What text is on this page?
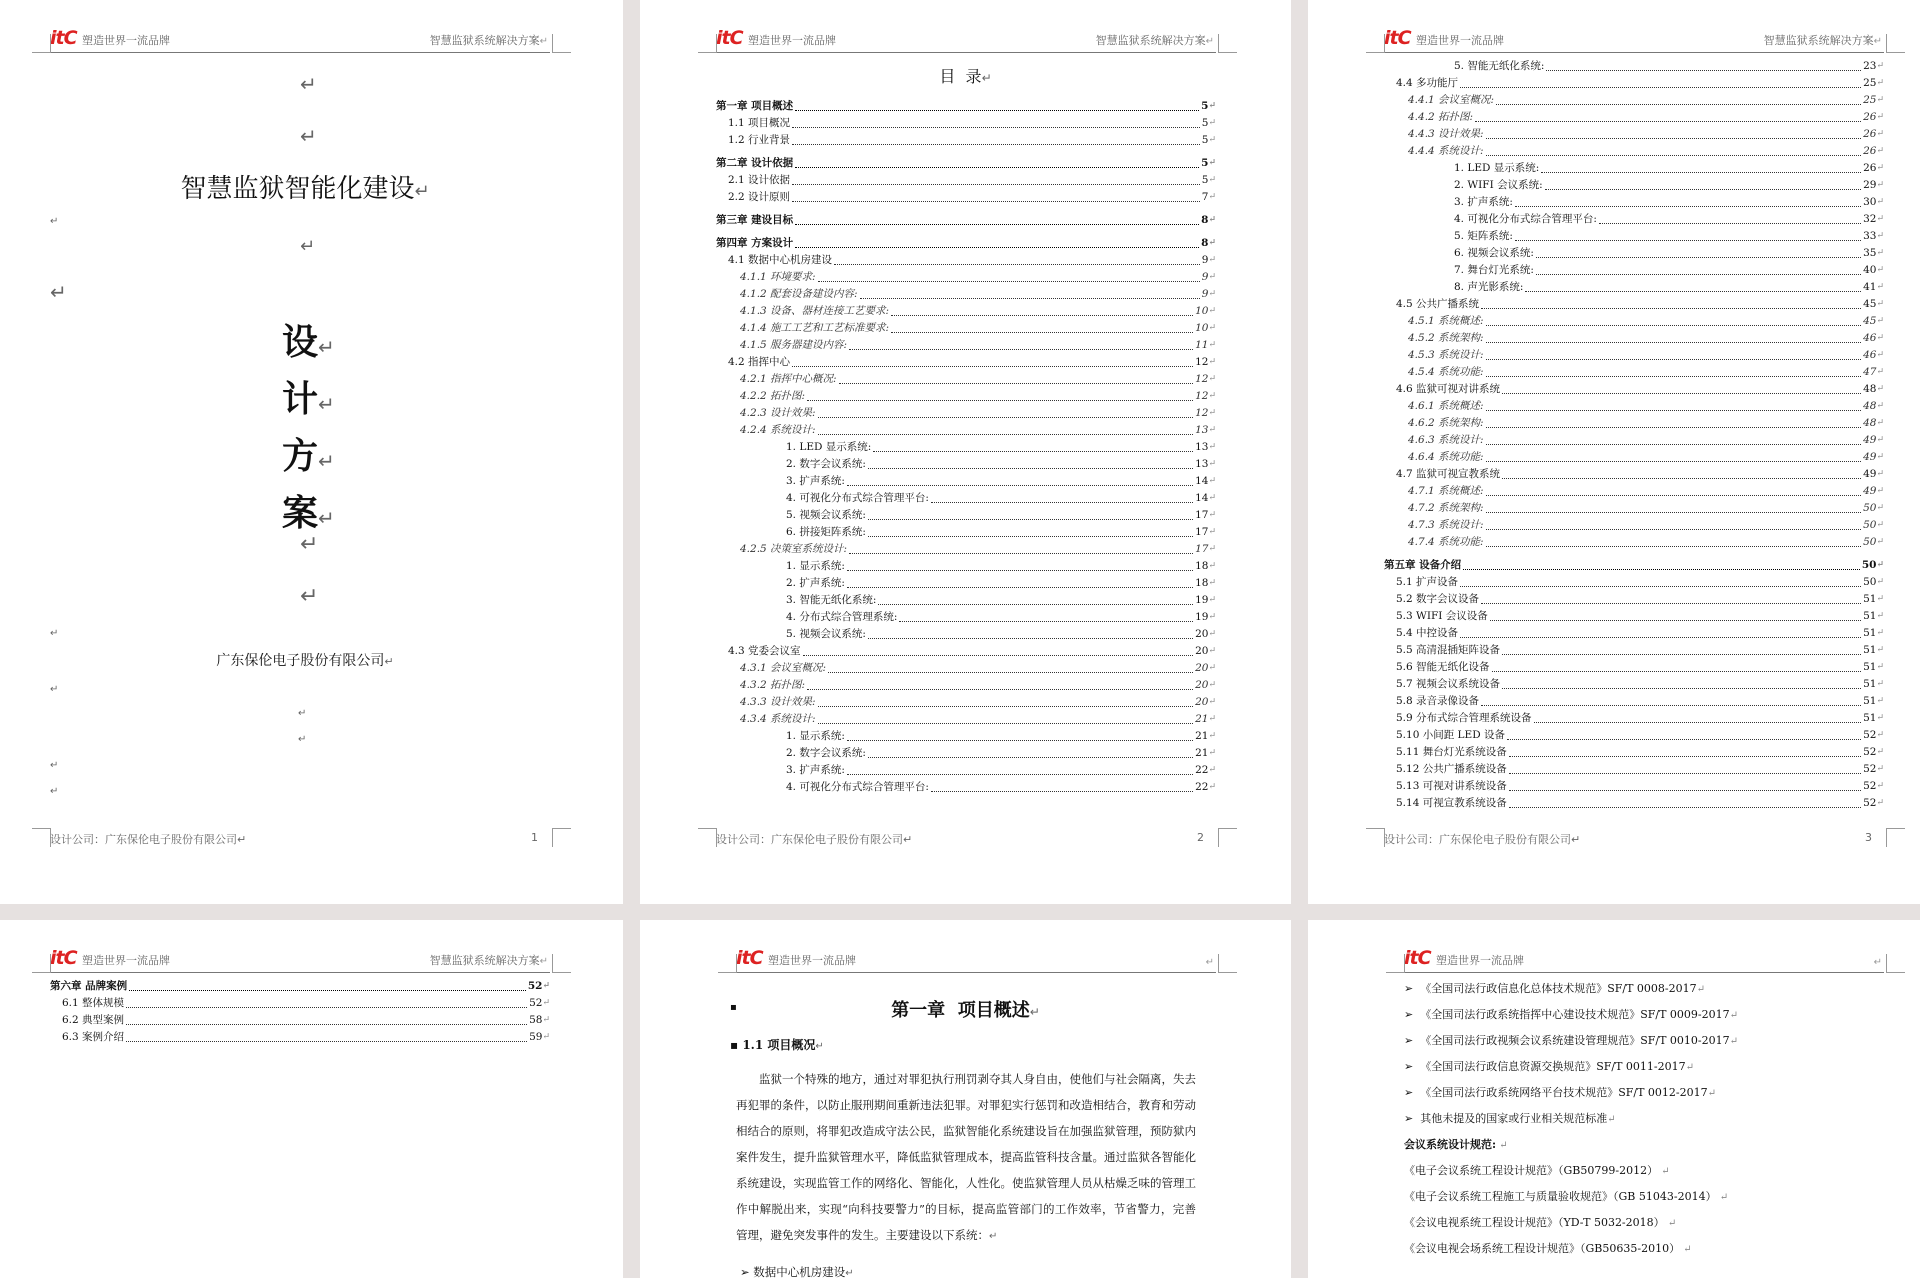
itC 塑造世界一流品牌	智慧监狱系统解决方案↵
↵
↵
智慧监狱智能化建设↵
↵
↵
↵
设↵
计↵
方↵
案↵
↵
↵
↵
广东保伦电子股份有限公司↵
↵
↵
↵
↵
↵
设计公司：广东保伦电子股份有限公司↵	1
itC 塑造世界一流品牌	智慧监狱系统解决方案↵
目  录↵
第一章 项目概述	5 ↵
1.1 项目概况	5 ↵
1.2 行业背景	5 ↵
第二章 设计依据	5 ↵
2.1 设计依据	5 ↵
2.2 设计原则	7 ↵
第三章 建设目标	8 ↵
第四章 方案设计	8 ↵
4.1 数据中心机房建设	9 ↵
4.1.1 环境要求:	9 ↵
4.1.2 配套设备建设内容:	9 ↵
4.1.3 设备、器材连接工艺要求:	10 ↵
4.1.4 施工工艺和工艺标准要求:	10 ↵
4.1.5 服务器建设内容:	11 ↵
4.2 指挥中心	12 ↵
4.2.1 指挥中心概况:	12 ↵
4.2.2 拓扑图:	12 ↵
4.2.3 设计效果:	12 ↵
4.2.4 系统设计:	13 ↵
1. LED 显示系统:	13 ↵
2. 数字会议系统:	13 ↵
3. 扩声系统:	14 ↵
4. 可视化分布式综合管理平台:	14 ↵
5. 视频会议系统:	17 ↵
6. 拼接矩阵系统:	17 ↵
4.2.5 决策室系统设计:	17 ↵
1. 显示系统:	18 ↵
2. 扩声系统:	18 ↵
3. 智能无纸化系统:	19 ↵
4. 分布式综合管理系统:	19 ↵
5. 视频会议系统:	20 ↵
4.3 党委会议室	20 ↵
4.3.1 会议室概况:	20 ↵
4.3.2 拓扑图:	20 ↵
4.3.3 设计效果:	20 ↵
4.3.4 系统设计:	21 ↵
1. 显示系统:	21 ↵
2. 数字会议系统:	21 ↵
3. 扩声系统:	22 ↵
4. 可视化分布式综合管理平台:	22 ↵
设计公司：广东保伦电子股份有限公司↵	2
itC 塑造世界一流品牌	智慧监狱系统解决方案↵
5. 智能无纸化系统:	23 ↵
4.4 多功能厅	25 ↵
4.4.1 会议室概况:	25 ↵
4.4.2 拓扑图:	26 ↵
4.4.3 设计效果:	26 ↵
4.4.4 系统设计:	26 ↵
1. LED 显示系统:	26 ↵
2. WIFI 会议系统:	29 ↵
3. 扩声系统:	30 ↵
4. 可视化分布式综合管理平台:	32 ↵
5. 矩阵系统:	33 ↵
6. 视频会议系统:	35 ↵
7. 舞台灯光系统:	40 ↵
8. 声光影系统:	41 ↵
4.5 公共广播系统	45 ↵
4.5.1 系统概述:	45 ↵
4.5.2 系统架构:	46 ↵
4.5.3 系统设计:	46 ↵
4.5.4 系统功能:	47 ↵
4.6 监狱可视对讲系统	48 ↵
4.6.1 系统概述:	48 ↵
4.6.2 系统架构:	48 ↵
4.6.3 系统设计:	49 ↵
4.6.4 系统功能:	49 ↵
4.7 监狱可视宣教系统	49 ↵
4.7.1 系统概述:	49 ↵
4.7.2 系统架构:	50 ↵
4.7.3 系统设计:	50 ↵
4.7.4 系统功能:	50 ↵
第五章 设备介绍	50 ↵
5.1 扩声设备	50 ↵
5.2 数字会议设备	51 ↵
5.3 WIFI 会议设备	51 ↵
5.4 中控设备	51 ↵
5.5 高清混插矩阵设备	51 ↵
5.6 智能无纸化设备	51 ↵
5.7 视频会议系统设备	51 ↵
5.8 录音录像设备	51 ↵
5.9 分布式综合管理系统设备	51 ↵
5.10 小间距 LED 设备	52 ↵
5.11 舞台灯光系统设备	52 ↵
5.12 公共广播系统设备	52 ↵
5.13 可视对讲系统设备	52 ↵
5.14 可视宣教系统设备	52 ↵
设计公司：广东保伦电子股份有限公司↵	3
itC 塑造世界一流品牌	智慧监狱系统解决方案↵
第六章 品牌案例	52 ↵
6.1 整体规模	52 ↵
6.2 典型案例	58 ↵
6.3 案例介绍	59 ↵
itC 塑造世界一流品牌	↵
▪	第一章  项目概述↵
▪ 1.1 项目概况↵
监狱一个特殊的地方，通过对罪犯执行刑罚剥夺其人身自由，使他们与社会隔离，失去再犯罪的条件，以防止服刑期间重新违法犯罪。对罪犯实行惩罚和改造相结合，教育和劳动相结合的原则，将罪犯改造成守法公民，监狱智能化系统建设旨在加强监狱管理，预防狱内案件发生，提升监狱管理水平，降低监狱管理成本，提高监管科技含量。通过监狱各智能化系统建设，实现监管工作的网络化、智能化，人性化。使监狱管理人员从枯燥乏味的管理工作中解脱出来，实现“向科技要警力”的目标，提高监管部门的工作效率，节省警力，完善管理，避免突发事件的发生。主要建设以下系统：↵
➢ 数据中心机房建设↵
itC 塑造世界一流品牌	↵
➢  《全国司法行政信息化总体技术规范》SF/T 0008-2017↵
➢  《全国司法行政系统指挥中心建设技术规范》SF/T 0009-2017↵
➢  《全国司法行政视频会议系统建设管理规范》SF/T 0010-2017↵
➢  《全国司法行政信息资源交换规范》SF/T 0011-2017↵
➢  《全国司法行政系统网络平台技术规范》SF/T 0012-2017↵
➢  其他未提及的国家或行业相关规范标准↵
会议系统设计规范: ↵
《电子会议系统工程设计规范》（GB50799-2012） ↵
《电子会议系统工程施工与质量验收规范》（GB 51043-2014） ↵
《会议电视系统工程设计规范》（YD-T 5032-2018） ↵
《会议电视会场系统工程设计规范》（GB50635-2010） ↵
